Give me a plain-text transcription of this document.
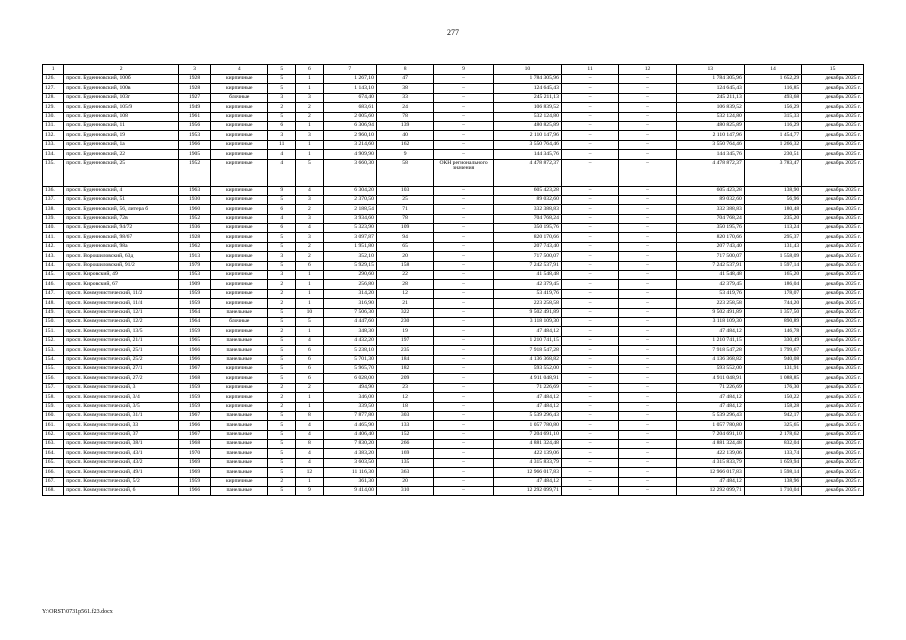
277
1	2	3	4	5	6	7	8	9	10	11	12	13	14	15
126.	просп. Буденновский, 100б	1928	кирпичные	5	1	1 267,10	47	–	1 784 305,96	–	–	1 784 305,96	1 652,29	декабрь 2025 г.
127.	просп. Буденновский, 100в	1928	кирпичные	5	1	1 143,10	38	–	124 645,43	–	–	124 645,43	116,85	декабрь 2025 г.
128.	просп. Буденновский, 103г	1927	блочные	3	3	674,40	33	–	245 211,13	–	–	245 211,13	493,68	декабрь 2025 г.
129.	просп. Буденновский, 105/9	1949	кирпичные	2	2	683,61	24	–	106 839,52	–	–	106 839,52	156,29	декабрь 2025 г.
130.	просп. Буденновский, 108	1961	кирпичные	5	2	2 005,60	78	–	532 124,80	–	–	532 124,80	315,33	декабрь 2025 г.
131.	просп. Буденновский, 11	1956	кирпичные	6	1	6 306,94	139	–	480 825,89	–	–	480 825,89	116,29	декабрь 2025 г.
132.	просп. Буденновский, 19	1953	кирпичные	3	3	2 960,10	40	–	2 110 147,96	–	–	2 110 147,96	1 454,77	декабрь 2025 г.
133.	просп. Буденновский, 1а	1966	кирпичные	11	1	3 214,60	162	–	3 550 764,46	–	–	3 550 764,46	1 266,32	декабрь 2025 г.
134.	просп. Буденновский, 22	1905	кирпичные	4	1	4 909,90	9	–	144 345,76	–	–	144 345,76	230,51	декабрь 2025 г.
135.	просп. Буденновский, 25	1952	кирпичные	4	5	3 660,30	58	ОКН регионального значения	4 478 872,37	–	–	4 478 872,37	3 783,47	декабрь 2025 г.
136.	просп. Буденновский, 4	1963	кирпичные	9	4	6 304,20	103	–	605 423,28	–	–	605 423,28	138,90	декабрь 2025 г.
137.	просп. Буденновский, 51	1930	кирпичные	5	3	2 370,50	25	–	89 032,60	–	–	89 032,60	56,96	декабрь 2025 г.
138.	просп. Буденновский, 56, литера б	1960	кирпичные	6	2	2 188,54	71	–	332 388,83	–	–	332 388,83	180,48	декабрь 2025 г.
139.	просп. Буденновский, 72в	1952	кирпичные	4	3	3 934,60	78	–	704 768,24	–	–	704 768,24	235,20	декабрь 2025 г.
140.	просп. Буденновский, 94/72	1936	кирпичные	6	4	5 323,90	109	–	350 195,76	–	–	350 195,76	113,24	декабрь 2025 г.
141.	просп. Буденновский, 98/67	1928	кирпичные	5	3	3 097,87	94	–	820 170,66	–	–	820 170,66	295,37	декабрь 2025 г.
142.	просп. Буденновский, 98а	1962	кирпичные	5	2	1 951,80	65	–	207 743,40	–	–	207 743,40	131,43	декабрь 2025 г.
143.	просп. Ворошиловский, 63д	1913	кирпичные	3	2	352,10	20	–	717 500,07	–	–	717 500,07	1 558,09	декабрь 2025 г.
144.	просп. Ворошиловский, 91/2	1979	кирпичные	5	6	5 929,15	158	–	7 242 537,91	–	–	7 242 537,91	1 597,14	декабрь 2025 г.
145.	просп. Кировский, 49	1953	кирпичные	3	1	290,60	22	–	41 548,48	–	–	41 548,48	165,20	декабрь 2025 г.
146.	просп. Кировский, 67	1909	кирпичные	2	1	256,80	28	–	42 379,45	–	–	42 379,45	186,04	декабрь 2025 г.
147.	просп. Коммунистический, 11/2	1959	кирпичные	2	1	314,20	12	–	53 419,76	–	–	53 419,76	178,07	декабрь 2025 г.
148.	просп. Коммунистический, 11/4	1959	кирпичные	2	1	316,90	21	–	223 258,58	–	–	223 258,58	744,20	декабрь 2025 г.
149.	просп. Коммунистический, 12/1	1964	панельные	5	10	7 506,30	322	–	9 502 491,89	–	–	9 502 491,89	1 357,50	декабрь 2025 г.
150.	просп. Коммунистический, 12/2	1964	блочные	5	5	4 447,60	230	–	3 118 109,30	–	–	3 118 109,30	890,89	декабрь 2025 г.
151.	просп. Коммунистический, 13/5	1959	кирпичные	2	1	348,30	19	–	47 484,12	–	–	47 484,12	146,78	декабрь 2025 г.
152.	просп. Коммунистический, 21/1	1965	панельные	5	4	4 432,20	197	–	1 210 741,15	–	–	1 210 741,15	330,49	декабрь 2025 г.
153.	просп. Коммунистический, 25/1	1966	панельные	5	6	5 238,10	235	–	7 918 547,28	–	–	7 918 547,28	1 799,67	декабрь 2025 г.
154.	просп. Коммунистический, 25/2	1966	панельные	5	6	5 701,30	184	–	4 136 368,82	–	–	4 136 368,82	940,08	декабрь 2025 г.
155.	просп. Коммунистический, 27/1	1967	кирпичные	5	6	5 965,70	182	–	593 552,00	–	–	593 552,00	131,91	декабрь 2025 г.
156.	просп. Коммунистический, 27/2	1968	кирпичные	5	6	6 028,00	209	–	4 911 048,91	–	–	4 911 048,91	1 088,85	декабрь 2025 г.
157.	просп. Коммунистический, 3	1959	кирпичные	2	2	494,90	23	–	71 226,69	–	–	71 226,69	176,30	декабрь 2025 г.
158.	просп. Коммунистический, 3/4	1959	кирпичные	2	1	346,00	12	–	47 484,12	–	–	47 484,12	150,22	декабрь 2025 г.
159.	просп. Коммунистический, 3/5	1959	кирпичные	2	1	339,50	18	–	47 484,12	–	–	47 484,12	158,28	декабрь 2025 г.
160.	просп. Коммунистический, 31/1	1967	панельные	5	8	7 877,80	303	–	5 539 296,43	–	–	5 539 296,43	942,17	декабрь 2025 г.
161.	просп. Коммунистический, 33	1966	панельные	5	4	4 465,90	133	–	1 057 780,80	–	–	1 057 780,80	325,65	декабрь 2025 г.
162.	просп. Коммунистический, 37	1967	панельные	5	4	4 406,40	152	–	7 204 691,10	–	–	7 204 691,10	2 178,62	декабрь 2025 г.
163.	просп. Коммунистический, 38/1	1968	панельные	5	8	7 830,20	266	–	4 881 324,48	–	–	4 881 324,48	832,04	декабрь 2025 г.
164.	просп. Коммунистический, 43/1	1970	панельные	5	4	4 383,20	169	–	422 139,06	–	–	422 139,06	133,74	декабрь 2025 г.
165.	просп. Коммунистический, 43/2	1969	панельные	5	4	3 603,50	135	–	4 315 833,79	–	–	4 315 833,79	1 659,94	декабрь 2025 г.
166.	просп. Коммунистический, 49/1	1969	панельные	5	12	11 116,30	363	–	12 966 017,83	–	–	12 966 017,83	1 598,14	декабрь 2025 г.
167.	просп. Коммунистический, 5/2	1959	кирпичные	2	1	361,30	20	–	47 484,12	–	–	47 484,12	138,96	декабрь 2025 г.
168.	просп. Коммунистический, 6	1966	панельные	5	9	9 414,00	310	–	12 292 099,71	–	–	12 292 099,71	1 710,04	декабрь 2025 г.
Y:\ORST\0731p561.f23.docx
